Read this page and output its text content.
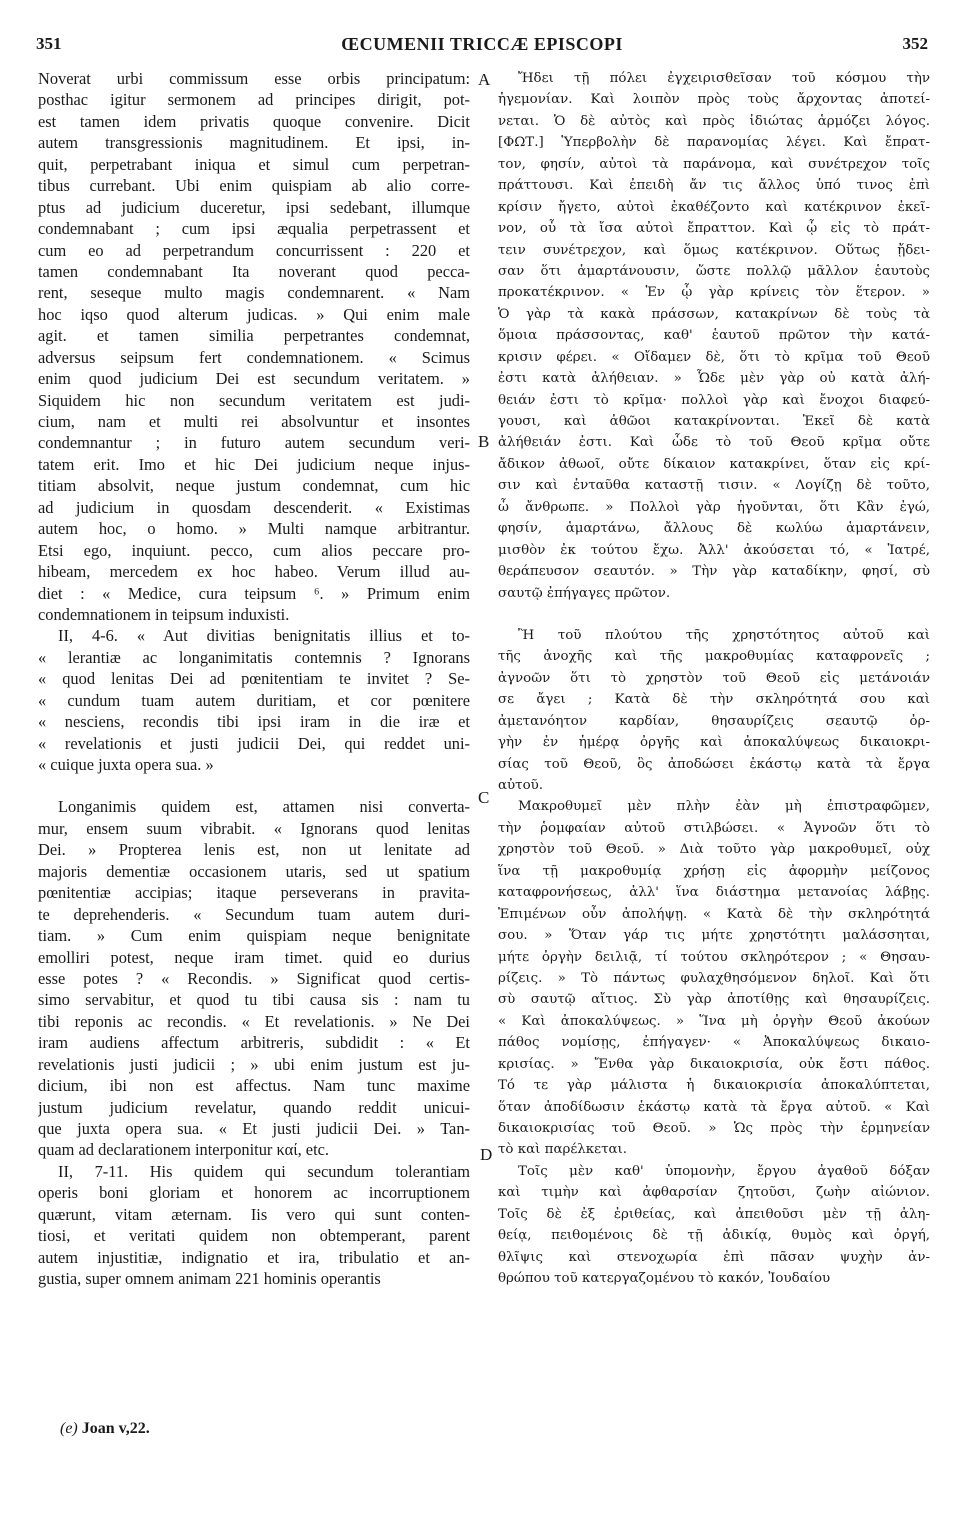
351	ŒCUMENII TRICCÆ EPISCOPI	352
Noverat urbi commissum esse orbis principatum:
posthac igitur sermonem ad principes dirigit, pot-
est tamen idem privatis quoque convenire. Dicit
autem transgressionis magnitudinem. Et ipsi, in-
quit, perpetrabant iniqua et simul cum perpetran-
tibus currebant. Ubi enim quispiam ab alio corre-
ptus ad judicium duceretur, ipsi sedebant, illumque
condemnabant ; cum ipsi æqualia perpetrassent et
cum eo ad perpetrandum concurrissent : 220 et
tamen condemnabant Ita noverant quod pecca-
rent, seseque multo magis condemnarent. « Nam
hoc iqso quod alterum judicas. » Qui enim male
agit. et tamen similia perpetrantes condemnat,
adversus seipsum fert condemnationem. « Scimus
enim quod judicium Dei est secundum veritatem. »
Siquidem hic non secundum veritatem est judi-
cium, nam et multi rei absolvuntur et insontes
condemnantur ; in futuro autem secundum veri-
tatem erit. Imo et hic Dei judicium neque injus-
titiam absolvit, neque justum condemnat, cum hic
ad judicium in quosdam descenderit. « Existimas
autem hoc, o homo. » Multi namque arbitrantur.
Etsi ego, inquiunt. pecco, cum alios peccare pro-
hibeam, mercedem ex hoc habeo. Verum illud au-
diet : « Medice, cura teipsum ⁶. » Primum enim
condemnationem in teipsum induxisti.
II, 4-6. « Aut divitias benignitatis illius et to-
« lerantiæ ac longanimitatis contemnis ? Ignorans
« quod lenitas Dei ad pœnitentiam te invitet ? Se-
« cundum tuam autem duritiam, et cor pœnitere
« nesciens, recondis tibi ipsi iram in die iræ et
« revelationis et justi judicii Dei, qui reddet uni-
« cuique juxta opera sua. »
Longanimis quidem est, attamen nisi converta-
mur, ensem suum vibrabit. « Ignorans quod lenitas
Dei. » Propterea lenis est, non ut lenitate ad
majoris dementiæ occasionem utaris, sed ut spatium
pœnitentiæ accipias; itaque perseverans in pravita-
te deprehenderis. « Secundum tuam autem duri-
tiam. » Cum enim quispiam neque benignitate
emolliri potest, neque iram timet. quid eo durius
esse potes ? « Recondis. » Significat quod certis-
simo servabitur, et quod tu tibi causa sis : nam tu
tibi reponis ac recondis. « Et revelationis. » Ne Dei
iram audiens affectum arbitreris, subdidit : « Et
revelationis justi judicii ; » ubi enim justum est ju-
dicium, ibi non est affectus. Nam tunc maxime
justum judicium revelatur, quando reddit unicui-
que juxta opera sua. « Et justi judicii Dei. » Tan-
quam ad declarationem interponitur καί, etc.
II, 7-11. His quidem qui secundum tolerantiam
operis boni gloriam et honorem ac incorruptionem
quærunt, vitam æternam. Iis vero qui sunt conten-
tiosi, et veritati quidem non obtemperant, parent
autem injustitiæ, indignatio et ira, tribulatio et an-
gustia, super omnem animam 221 hominis operantis
Ἤδει τῇ πόλει ἐγχειρισθεῖσαν τοῦ κόσμου τὴν
ἡγεμονίαν. Καὶ λοιπὸν πρὸς τοὺς ἄρχοντας ἀποτεί-
νεται. Ὁ δὲ αὐτὸς καὶ πρὸς ἰδιώτας ἁρμόζει λόγος.
[ΦΩΤ.] Ὑπερβολὴν δὲ παρανομίας λέγει. Καὶ ἔπρατ-
τον, φησίν, αὐτοὶ τὰ παράνομα, καὶ συνέτρεχον τοῖς
πράττουσι. Καὶ ἐπειδὴ ἄν τις ἄλλος ὑπό τινος ἐπὶ
κρίσιν ἤγετο, αὐτοὶ ἐκαθέζοντο καὶ κατέκρινον ἐκεῖ-
νον, οὗ τὰ ἴσα αὐτοὶ ἔπραττον. Καὶ ᾧ εἰς τὸ πράτ-
τειν συνέτρεχον, καὶ ὅμως κατέκρινον. Οὕτως ᾔδει-
σαν ὅτι ἁμαρτάνουσιν, ὥστε πολλῷ μᾶλλον ἑαυτοὺς
προκατέκρινον. « Ἐν ᾧ γὰρ κρίνεις τὸν ἕτερον. »
Ὁ γὰρ τὰ κακὰ πράσσων, κατακρίνων δὲ τοὺς τὰ
ὅμοια πράσσοντας, καθ' ἑαυτοῦ πρῶτον τὴν κατά-
κρισιν φέρει. « Οἴδαμεν δὲ, ὅτι τὸ κρῖμα τοῦ Θεοῦ
ἐστι κατὰ ἀλήθειαν. » Ὧδε μὲν γὰρ οὐ κατὰ ἀλή-
θειάν ἐστι τὸ κρῖμα· πολλοὶ γὰρ καὶ ἔνοχοι διαφεύ-
γουσι, καὶ ἀθῶοι κατακρίνονται. Ἐκεῖ δὲ κατὰ
ἀλήθειάν ἐστι. Καὶ ὧδε τὸ τοῦ Θεοῦ κρῖμα οὔτε
ἄδικον ἀθωοῖ, οὔτε δίκαιον κατακρίνει, ὅταν εἰς κρί-
σιν καὶ ἐνταῦθα καταστῇ τισιν. « Λογίζῃ δὲ τοῦτο,
ὦ ἄνθρωπε. » Πολλοὶ γὰρ ἡγοῦνται, ὅτι Κἂν ἐγώ,
φησίν, ἁμαρτάνω, ἄλλους δὲ κωλύω ἁμαρτάνειν,
μισθὸν ἐκ τούτου ἔχω. Ἀλλ' ἀκούσεται τό, « Ἰατρέ,
θεράπευσον σεαυτόν. » Τὴν γὰρ καταδίκην, φησί, σὺ
σαυτῷ ἐπήγαγες πρῶτον.
Ἢ τοῦ πλούτου τῆς χρηστότητος αὐτοῦ καὶ
τῆς ἀνοχῆς καὶ τῆς μακροθυμίας καταφρονεῖς ;
ἀγνοῶν ὅτι τὸ χρηστὸν τοῦ Θεοῦ εἰς μετάνοιάν
σε ἄγει ; Κατὰ δὲ τὴν σκληρότητά σου καὶ
ἀμετανόητον καρδίαν, θησαυρίζεις σεαυτῷ ὀρ-
γὴν ἐν ἡμέρᾳ ὀργῆς καὶ ἀποκαλύψεως δικαιοκρι-
σίας τοῦ Θεοῦ, ὃς ἀποδώσει ἑκάστῳ κατὰ τὰ ἔργα
αὐτοῦ.
Μακροθυμεῖ μὲν πλὴν ἐὰν μὴ ἐπιστραφῶμεν,
τὴν ῥομφαίαν αὐτοῦ στιλβώσει. « Ἀγνοῶν ὅτι τὸ
χρηστὸν τοῦ Θεοῦ. » Διὰ τοῦτο γὰρ μακροθυμεῖ, οὐχ
ἵνα τῇ μακροθυμίᾳ χρήσῃ εἰς ἀφορμὴν μείζονος
καταφρονήσεως, ἀλλ' ἵνα διάστημα μετανοίας λάβῃς.
Ἐπιμένων οὖν ἀπολήψῃ. « Κατὰ δὲ τὴν σκληρότητά
σου. » Ὅταν γάρ τις μήτε χρηστότητι μαλάσσηται,
μήτε ὀργὴν δειλιᾷ, τί τούτου σκληρότερον ; « Θησαυ-
ρίζεις. » Τὸ πάντως φυλαχθησόμενον δηλοῖ. Καὶ ὅτι
σὺ σαυτῷ αἴτιος. Σὺ γὰρ ἀποτίθῃς καὶ θησαυρίζεις.
« Καὶ ἀποκαλύψεως. » Ἵνα μὴ ὀργὴν Θεοῦ ἀκούων
πάθος νομίσῃς, ἐπήγαγεν· « Ἀποκαλύψεως δικαιο-
κρισίας. » Ἔνθα γὰρ δικαιοκρισία, οὐκ ἔστι πάθος.
Τό τε γὰρ μάλιστα ἡ δικαιοκρισία ἀποκαλύπτεται,
ὅταν ἀποδίδωσιν ἑκάστῳ κατὰ τὰ ἔργα αὐτοῦ. « Καὶ
δικαιοκρισίας τοῦ Θεοῦ. » Ὡς πρὸς τὴν ἑρμηνείαν
τὸ καὶ παρέλκεται.
Τοῖς μὲν καθ' ὑπομονὴν, ἔργου ἀγαθοῦ δόξαν
καὶ τιμὴν καὶ ἀφθαρσίαν ζητοῦσι, ζωὴν αἰώνιον.
Τοῖς δὲ ἐξ ἐριθείας, καὶ ἀπειθοῦσι μὲν τῇ ἀλη-
θείᾳ, πειθομένοις δὲ τῇ ἀδικίᾳ, θυμὸς καὶ ὀργή,
θλῖψις καὶ στενοχωρία ἐπὶ πᾶσαν ψυχὴν ἀν-
θρώπου τοῦ κατεργαζομένου τὸ κακόν, Ἰουδαίου
A
B
C
D
(e) Joan v,22.
